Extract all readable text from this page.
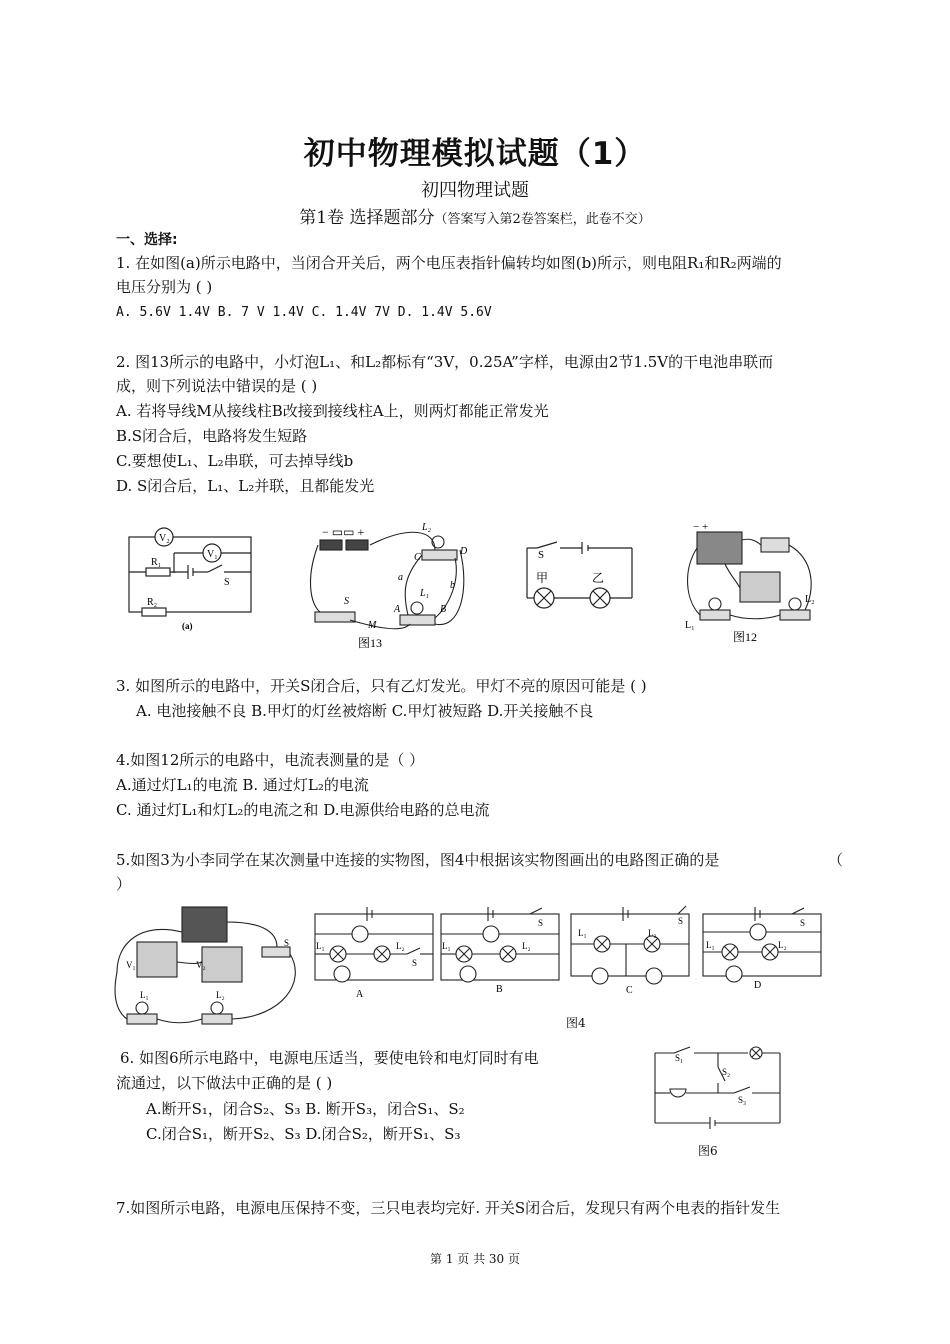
初中物理模拟试题（1）
初四物理试题
第1卷 选择题部分（答案写入第2卷答案栏，此卷不交）
一、选择:
1. 在如图(a)所示电路中，当闭合开关后，两个电压表指针偏转均如图(b)所示，则电阻R₁和R₂两端的
电压分别为 ( )
A. 5.6V 1.4V B. 7 V 1.4V C. 1.4V 7V D. 1.4V 5.6V
2. 图13所示的电路中，小灯泡L₁、和L₂都标有“3V，0.25A”字样，电源由2节1.5V的干电池串联而
成，则下列说法中错误的是 ( )
A. 若将导线M从接线柱B改接到接线柱A上，则两灯都能正常发光
B.S闭合后，电路将发生短路
C.要想使L₁、L₂串联，可去掉导线b
D. S闭合后，L₁、L₂并联，且都能发光
V₂
V₁
R₁
R₂
S
(a)
− ▭▭ +	L₂
C
D
a
b
L₁
A	B
S
M
图13
S
甲	乙
− +
L₁
L₂
图12
3. 如图所示的电路中，开关S闭合后，只有乙灯发光。甲灯不亮的原因可能是 ( )
A. 电池接触不良 B.甲灯的灯丝被熔断 C.甲灯被短路 D.开关接触不良
4.如图12所示的电路中，电流表测量的是（ ）
A.通过灯L₁的电流 B. 通过灯L₂的电流
C. 通过灯L₁和灯L₂的电流之和 D.电源供给电路的总电流
5.如图3为小李同学在某次测量中连接的实物图，图4中根据该实物图画出的电路图正确的是	（
）
V₁	V₂
S
L₁	L₂
L₁	L₂
S
A
S
L₁	L₂
B
S
L₁	L₂
C
S
L₁	L₂
D
图4
6. 如图6所示电路中，电源电压适当，要使电铃和电灯同时有电
流通过，以下做法中正确的是 ( )
A.断开S₁，闭合S₂、S₃ B. 断开S₃，闭合S₁、S₂
C.闭合S₁，断开S₂、S₃ D.闭合S₂，断开S₁、S₃
S₁
S₂
S₃
图6
7.如图所示电路，电源电压保持不变，三只电表均完好. 开关S闭合后，发现只有两个电表的指针发生
第 1 页 共 30 页
